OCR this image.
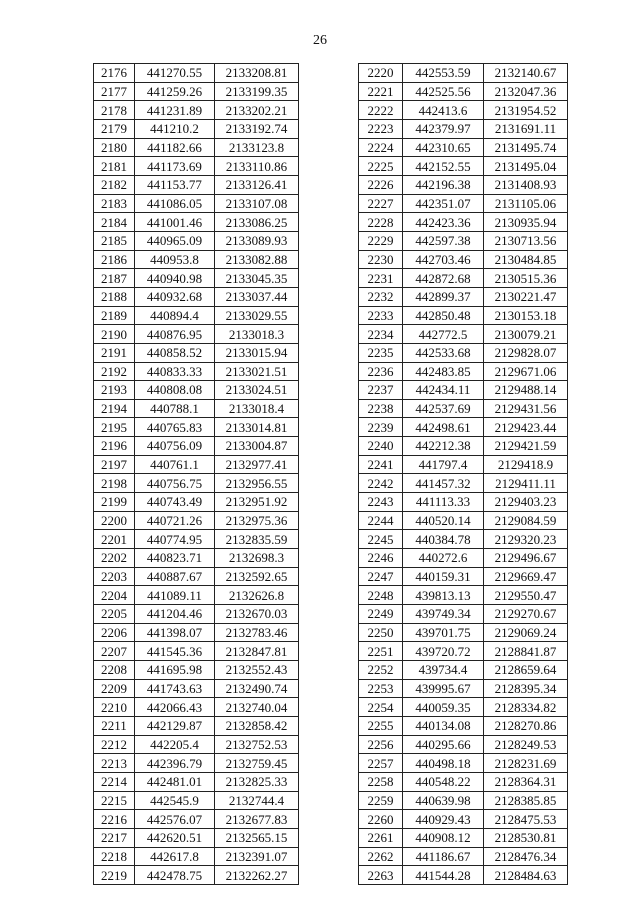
26
2176	441270.55	2133208.81
2177	441259.26	2133199.35
2178	441231.89	2133202.21
2179	441210.2	2133192.74
2180	441182.66	2133123.8
2181	441173.69	2133110.86
2182	441153.77	2133126.41
2183	441086.05	2133107.08
2184	441001.46	2133086.25
2185	440965.09	2133089.93
2186	440953.8	2133082.88
2187	440940.98	2133045.35
2188	440932.68	2133037.44
2189	440894.4	2133029.55
2190	440876.95	2133018.3
2191	440858.52	2133015.94
2192	440833.33	2133021.51
2193	440808.08	2133024.51
2194	440788.1	2133018.4
2195	440765.83	2133014.81
2196	440756.09	2133004.87
2197	440761.1	2132977.41
2198	440756.75	2132956.55
2199	440743.49	2132951.92
2200	440721.26	2132975.36
2201	440774.95	2132835.59
2202	440823.71	2132698.3
2203	440887.67	2132592.65
2204	441089.11	2132626.8
2205	441204.46	2132670.03
2206	441398.07	2132783.46
2207	441545.36	2132847.81
2208	441695.98	2132552.43
2209	441743.63	2132490.74
2210	442066.43	2132740.04
2211	442129.87	2132858.42
2212	442205.4	2132752.53
2213	442396.79	2132759.45
2214	442481.01	2132825.33
2215	442545.9	2132744.4
2216	442576.07	2132677.83
2217	442620.51	2132565.15
2218	442617.8	2132391.07
2219	442478.75	2132262.27
2220	442553.59	2132140.67
2221	442525.56	2132047.36
2222	442413.6	2131954.52
2223	442379.97	2131691.11
2224	442310.65	2131495.74
2225	442152.55	2131495.04
2226	442196.38	2131408.93
2227	442351.07	2131105.06
2228	442423.36	2130935.94
2229	442597.38	2130713.56
2230	442703.46	2130484.85
2231	442872.68	2130515.36
2232	442899.37	2130221.47
2233	442850.48	2130153.18
2234	442772.5	2130079.21
2235	442533.68	2129828.07
2236	442483.85	2129671.06
2237	442434.11	2129488.14
2238	442537.69	2129431.56
2239	442498.61	2129423.44
2240	442212.38	2129421.59
2241	441797.4	2129418.9
2242	441457.32	2129411.11
2243	441113.33	2129403.23
2244	440520.14	2129084.59
2245	440384.78	2129320.23
2246	440272.6	2129496.67
2247	440159.31	2129669.47
2248	439813.13	2129550.47
2249	439749.34	2129270.67
2250	439701.75	2129069.24
2251	439720.72	2128841.87
2252	439734.4	2128659.64
2253	439995.67	2128395.34
2254	440059.35	2128334.82
2255	440134.08	2128270.86
2256	440295.66	2128249.53
2257	440498.18	2128231.69
2258	440548.22	2128364.31
2259	440639.98	2128385.85
2260	440929.43	2128475.53
2261	440908.12	2128530.81
2262	441186.67	2128476.34
2263	441544.28	2128484.63
